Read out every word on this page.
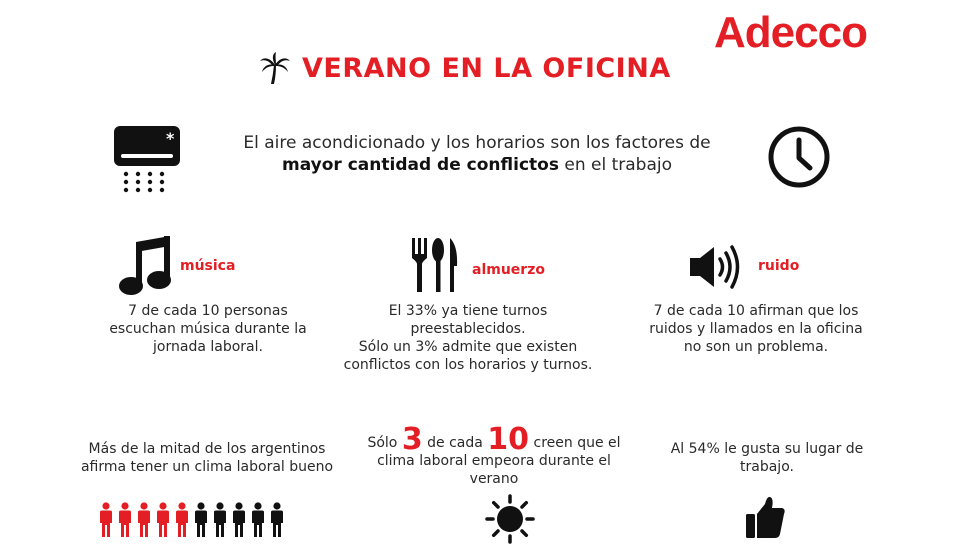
Adecco
VERANO EN LA OFICINA
*	El aire acondicionado y los horarios son los factores de
mayor cantidad de conflictos en el trabajo
música
7 de cada 10 personas
escuchan música durante la
jornada laboral.
almuerzo
El 33% ya tiene turnos
preestablecidos.
Sólo un 3% admite que existen
conflictos con los horarios y turnos.
ruido
7 de cada 10 afirman que los
ruidos y llamados en la oficina
no son un problema.
Más de la mitad de los argentinos
afirma tener un clima laboral bueno
Sólo 3 de cada 10 creen que el
clima laboral empeora durante el
verano
Al 54% le gusta su lugar de
trabajo.
